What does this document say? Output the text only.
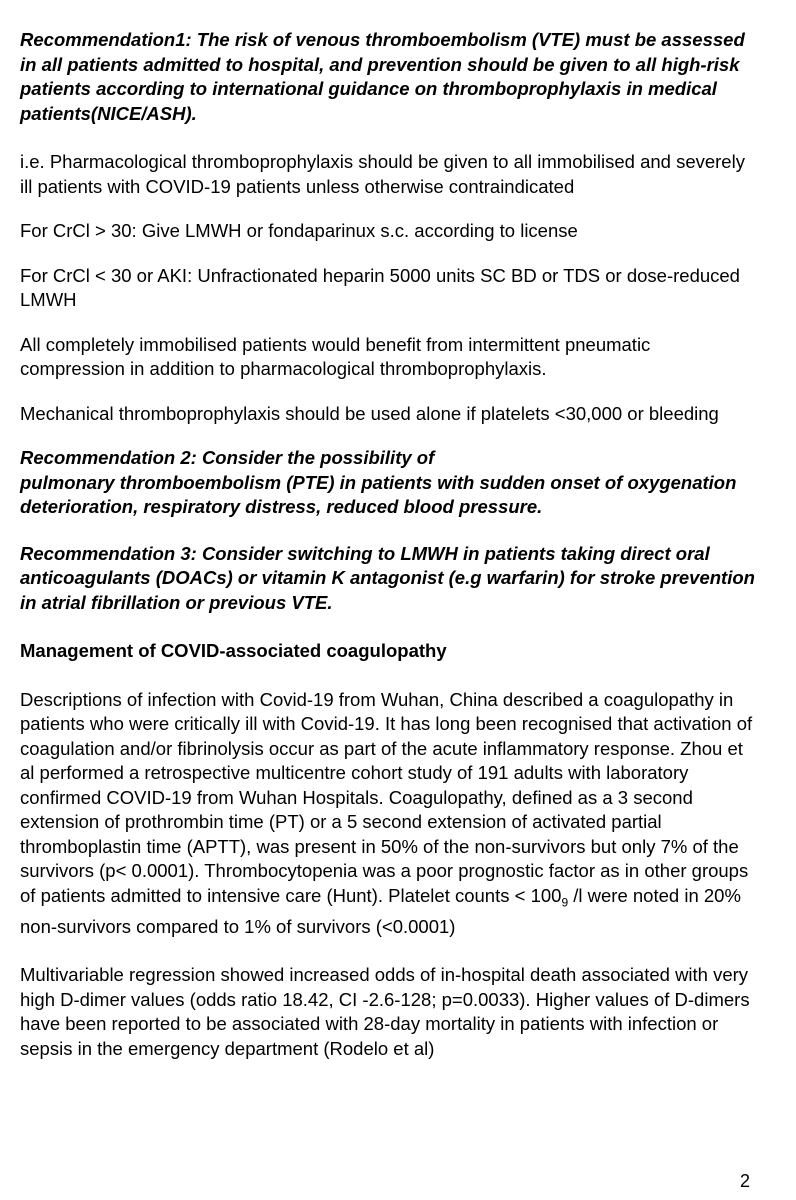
Recommendation1: The risk of venous thromboembolism (VTE) must be assessed in all patients admitted to hospital, and prevention should be given to all high-risk patients according to international guidance on thromboprophylaxis in medical patients(NICE/ASH).

i.e. Pharmacological thromboprophylaxis should be given to all immobilised and severely ill patients with COVID-19 patients unless otherwise contraindicated

For CrCl > 30: Give LMWH or fondaparinux s.c. according to license

For CrCl < 30 or AKI: Unfractionated heparin 5000 units SC BD or TDS or dose-reduced LMWH

All completely immobilised patients would benefit from intermittent pneumatic compression in addition to pharmacological thromboprophylaxis.

Mechanical thromboprophylaxis should be used alone if platelets <30,000 or bleeding

Recommendation 2: Consider the possibility of
pulmonary thromboembolism (PTE) in patients with sudden onset of oxygenation deterioration, respiratory distress, reduced blood pressure.

Recommendation 3: Consider switching to LMWH in patients taking direct oral anticoagulants (DOACs) or vitamin K antagonist (e.g warfarin) for stroke prevention in atrial fibrillation or previous VTE.

Management of COVID-associated coagulopathy

Descriptions of infection with Covid-19 from Wuhan, China described a coagulopathy in patients who were critically ill with Covid-19. It has long been recognised that activation of coagulation and/or fibrinolysis occur as part of the acute inflammatory response. Zhou et al performed a retrospective multicentre cohort study of 191 adults with laboratory confirmed COVID-19 from Wuhan Hospitals. Coagulopathy, defined as a 3 second extension of prothrombin time (PT) or a 5 second extension of activated partial thromboplastin time (APTT), was present in 50% of the non-survivors but only 7% of the survivors (p< 0.0001). Thrombocytopenia was a poor prognostic factor as in other groups of patients admitted to intensive care (Hunt). Platelet counts < $100_9$ /l were noted in 20% non-survivors compared to 1% of survivors (<0.0001)

Multivariable regression showed increased odds of in-hospital death associated with very high D-dimer values (odds ratio 18.42, CI -2.6-128; p=0.0033). Higher values of D-dimers have been reported to be associated with 28-day mortality in patients with infection or sepsis in the emergency department (Rodelo et al)

2
